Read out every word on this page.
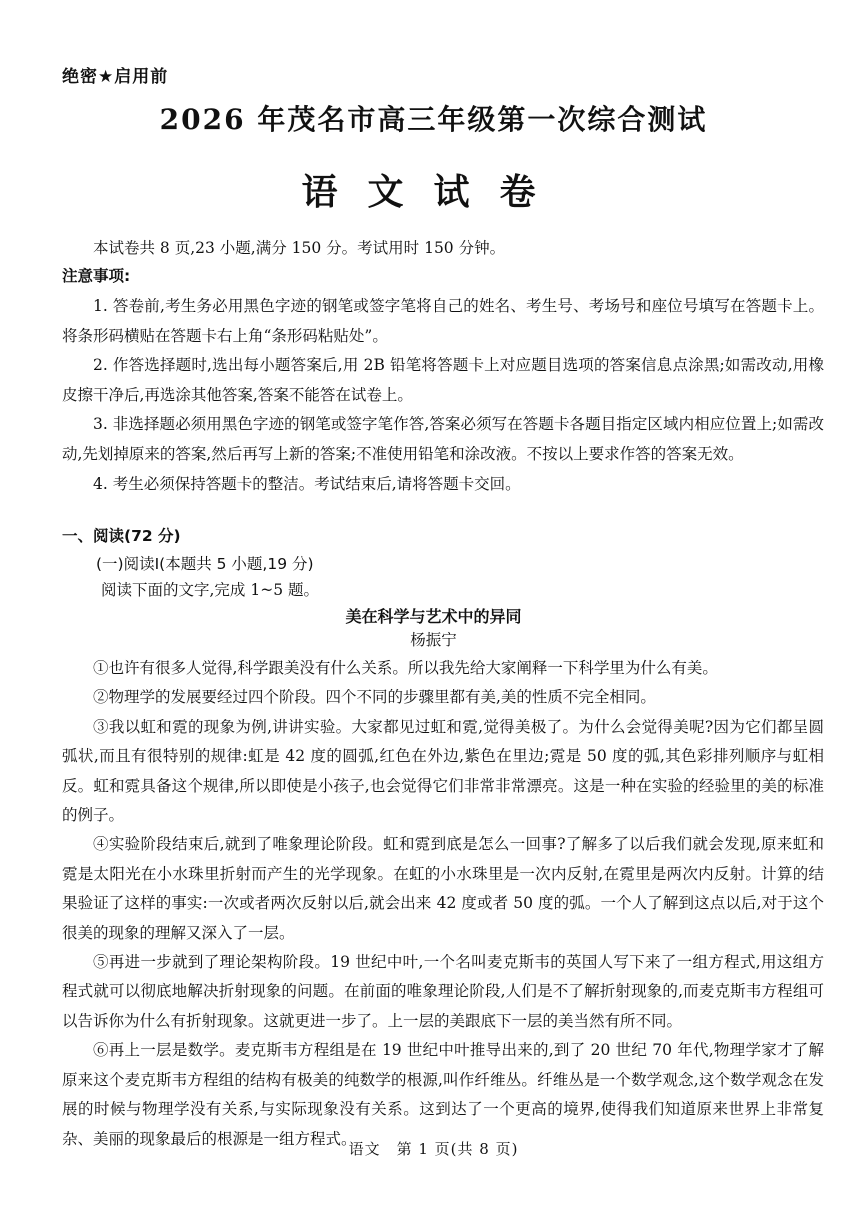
绝密★启用前
2026 年茂名市高三年级第一次综合测试
语文试卷

本试卷共 8 页,23 小题,满分 150 分。考试用时 150 分钟。

注意事项:

1. 答卷前,考生务必用黑色字迹的钢笔或签字笔将自己的姓名、考生号、考场号和座位号填写在答题卡上。将条形码横贴在答题卡右上角“条形码粘贴处”。

2. 作答选择题时,选出每小题答案后,用 2B 铅笔将答题卡上对应题目选项的答案信息点涂黑;如需改动,用橡皮擦干净后,再选涂其他答案,答案不能答在试卷上。

3. 非选择题必须用黑色字迹的钢笔或签字笔作答,答案必须写在答题卡各题目指定区域内相应位置上;如需改动,先划掉原来的答案,然后再写上新的答案;不准使用铅笔和涂改液。不按以上要求作答的答案无效。

4. 考生必须保持答题卡的整洁。考试结束后,请将答题卡交回。

一、阅读(72 分)

(一)阅读Ⅰ(本题共 5 小题,19 分)

阅读下面的文字,完成 1~5 题。

美在科学与艺术中的异同
杨振宁

①也许有很多人觉得,科学跟美没有什么关系。所以我先给大家阐释一下科学里为什么有美。

②物理学的发展要经过四个阶段。四个不同的步骤里都有美,美的性质不完全相同。

③我以虹和霓的现象为例,讲讲实验。大家都见过虹和霓,觉得美极了。为什么会觉得美呢?因为它们都呈圆弧状,而且有很特别的规律:虹是 42 度的圆弧,红色在外边,紫色在里边;霓是 50 度的弧,其色彩排列顺序与虹相反。虹和霓具备这个规律,所以即使是小孩子,也会觉得它们非常非常漂亮。这是一种在实验的经验里的美的标准的例子。

④实验阶段结束后,就到了唯象理论阶段。虹和霓到底是怎么一回事?了解多了以后我们就会发现,原来虹和霓是太阳光在小水珠里折射而产生的光学现象。在虹的小水珠里是一次内反射,在霓里是两次内反射。计算的结果验证了这样的事实:一次或者两次反射以后,就会出来 42 度或者 50 度的弧。一个人了解到这点以后,对于这个很美的现象的理解又深入了一层。

⑤再进一步就到了理论架构阶段。19 世纪中叶,一个名叫麦克斯韦的英国人写下来了一组方程式,用这组方程式就可以彻底地解决折射现象的问题。在前面的唯象理论阶段,人们是不了解折射现象的,而麦克斯韦方程组可以告诉你为什么有折射现象。这就更进一步了。上一层的美跟底下一层的美当然有所不同。

⑥再上一层是数学。麦克斯韦方程组是在 19 世纪中叶推导出来的,到了 20 世纪 70 年代,物理学家才了解原来这个麦克斯韦方程组的结构有极美的纯数学的根源,叫作纤维丛。纤维丛是一个数学观念,这个数学观念在发展的时候与物理学没有关系,与实际现象没有关系。这到达了一个更高的境界,使得我们知道原来世界上非常复杂、美丽的现象最后的根源是一组方程式。

语文　第 1 页(共 8 页)
